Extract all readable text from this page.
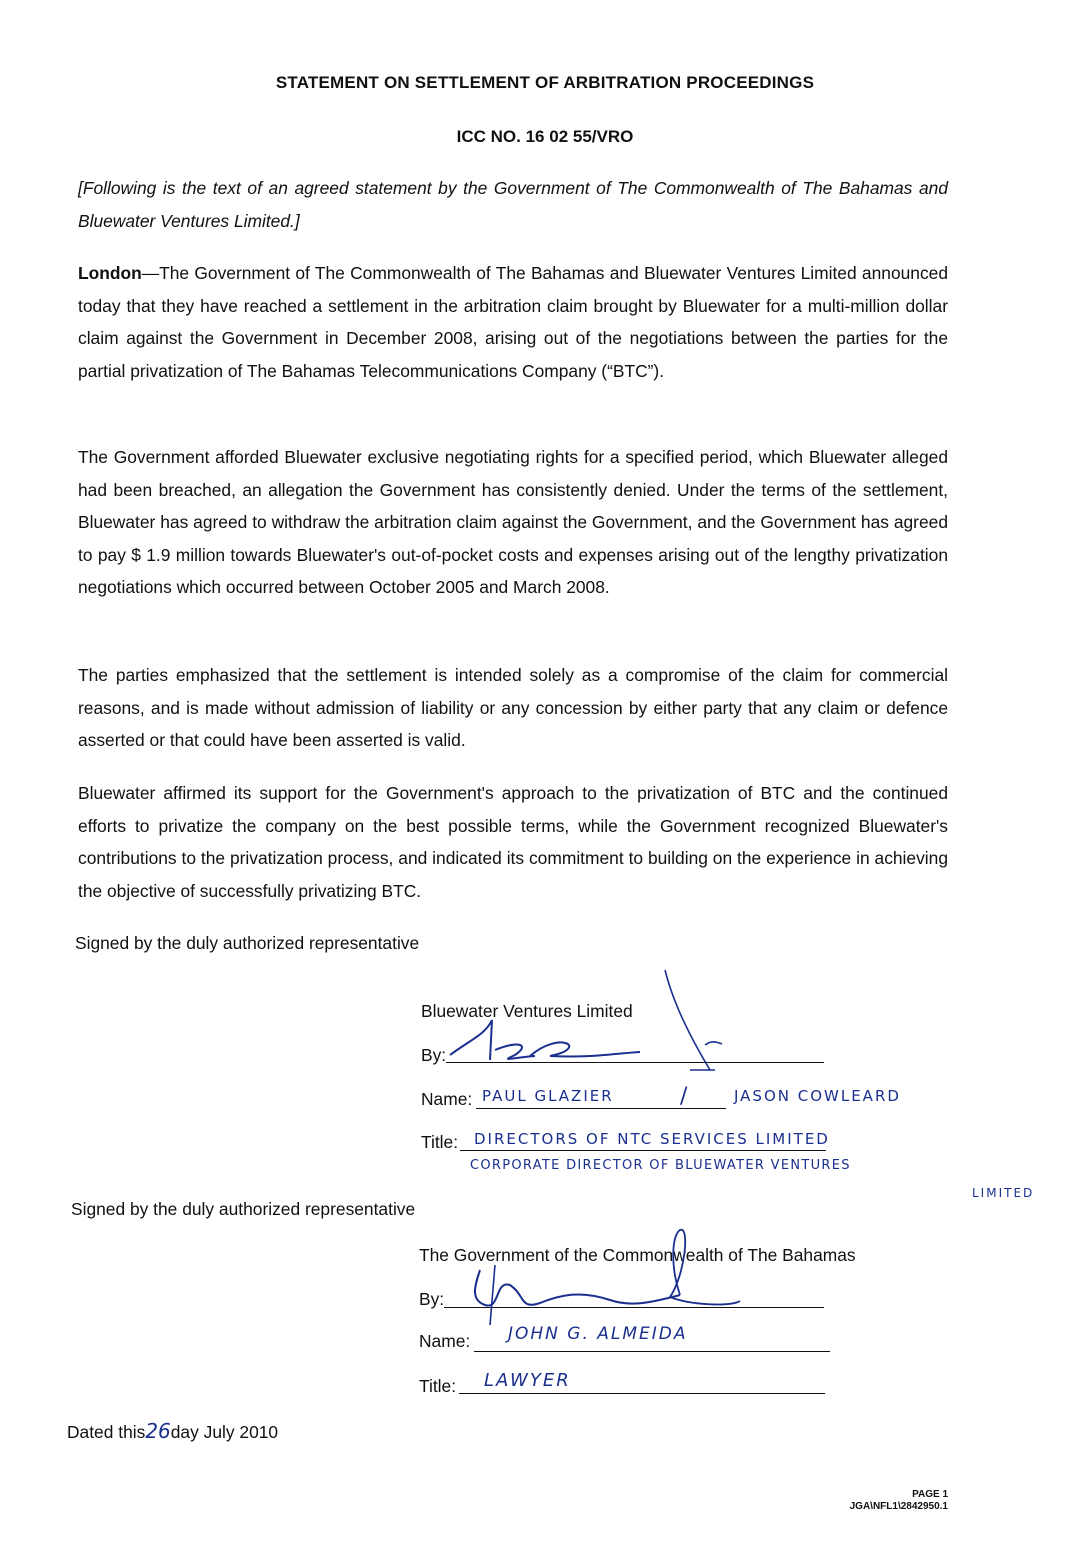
STATEMENT ON SETTLEMENT OF ARBITRATION PROCEEDINGS
ICC NO. 16 02 55/VRO
[Following is the text of an agreed statement by the Government of The Commonwealth of The Bahamas and Bluewater Ventures Limited.]
London—The Government of The Commonwealth of The Bahamas and Bluewater Ventures Limited announced today that they have reached a settlement in the arbitration claim brought by Bluewater for a multi-million dollar claim against the Government in December 2008, arising out of the negotiations between the parties for the partial privatization of The Bahamas Telecommunications Company (“BTC”).
The Government afforded Bluewater exclusive negotiating rights for a specified period, which Bluewater alleged had been breached, an allegation the Government has consistently denied. Under the terms of the settlement, Bluewater has agreed to withdraw the arbitration claim against the Government, and the Government has agreed to pay $ 1.9 million towards Bluewater's out-of-pocket costs and expenses arising out of the lengthy privatization negotiations which occurred between October 2005 and March 2008.
The parties emphasized that the settlement is intended solely as a compromise of the claim for commercial reasons, and is made without admission of liability or any concession by either party that any claim or defence asserted or that could have been asserted is valid.
Bluewater affirmed its support for the Government's approach to the privatization of BTC and the continued efforts to privatize the company on the best possible terms, while the Government recognized Bluewater's contributions to the privatization process, and indicated its commitment to building on the experience in achieving the objective of successfully privatizing BTC.
Signed by the duly authorized representative
Bluewater Ventures Limited
By:
Name: PAUL GLAZIER	/	JASON COWLEARD
Title: DIRECTORS OF NTC SERVICES LIMITED
CORPORATE DIRECTOR OF BLUEWATER VENTURES
LIMITED
Signed by the duly authorized representative
The Government of the Commonwealth of The Bahamas
By:
Name: JOHN G. ALMEIDA
Title: LAWYER
Dated this26day July 2010
PAGE 1
JGA\NFL1\2842950.1
